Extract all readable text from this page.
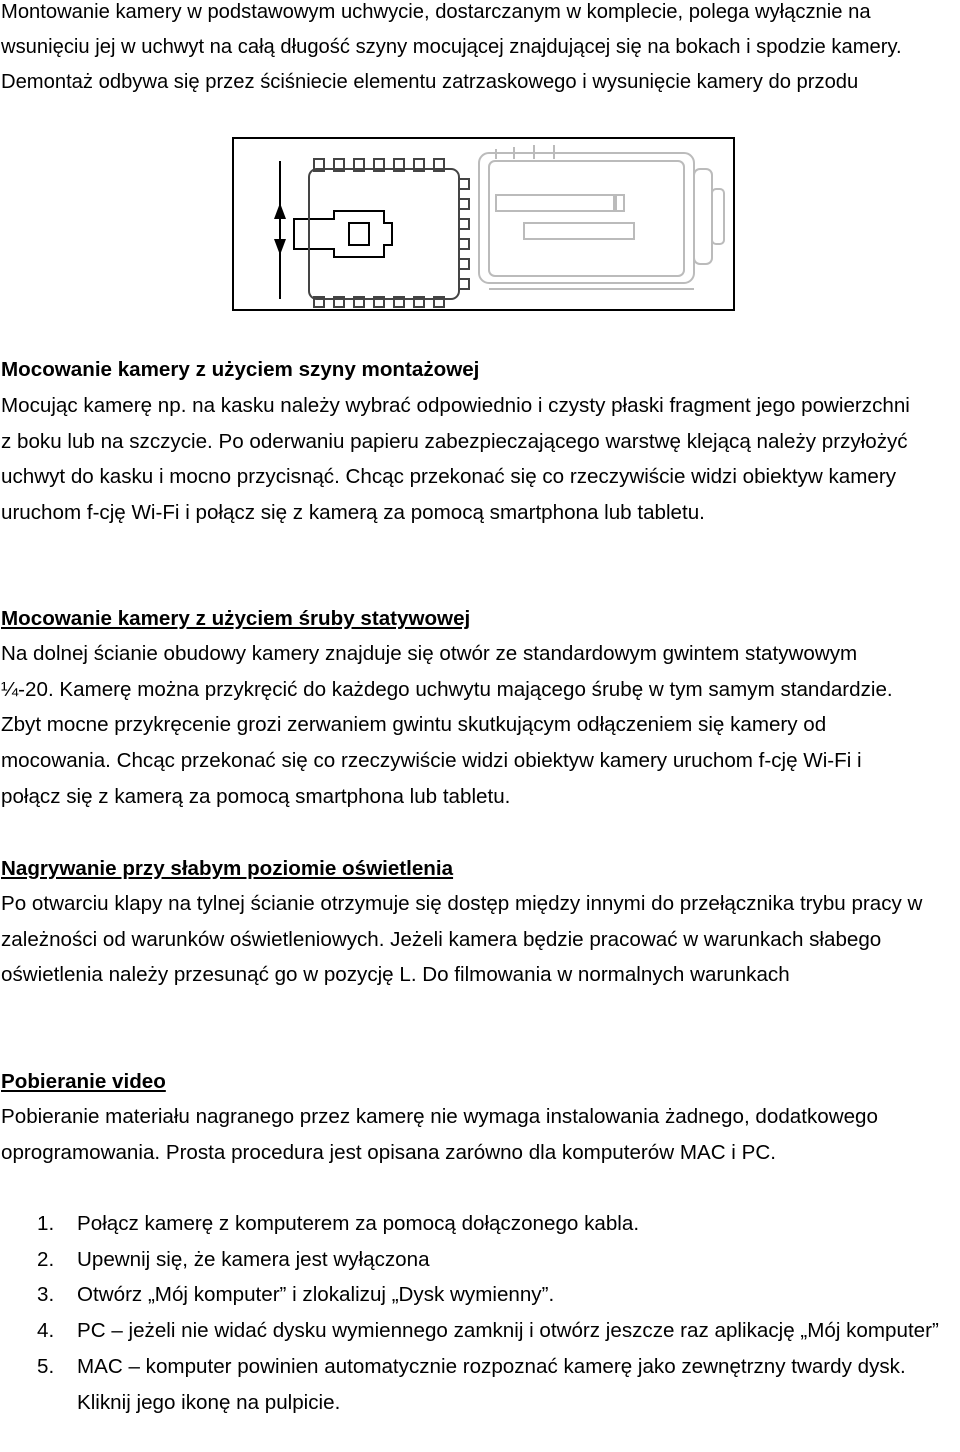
Montowanie kamery w podstawowym uchwycie, dostarczanym w komplecie, polega wyłącznie na wsunięciu jej w uchwyt na całą długość szyny mocującej znajdującej się na bokach i spodzie kamery. Demontaż odbywa się przez ściśniecie elementu zatrzaskowego i wysunięcie kamery do przodu

Mocowanie kamery z użyciem szyny montażowej

Mocując kamerę np. na kasku należy wybrać odpowiednio i czysty płaski fragment jego powierzchni z boku lub na szczycie. Po oderwaniu papieru zabezpieczającego warstwę klejącą należy przyłożyć uchwyt do kasku i mocno przycisnąć. Chcąc przekonać się co rzeczywiście widzi obiektyw kamery uruchom f-cję Wi-Fi i połącz się z kamerą za pomocą smartphona lub tabletu.

Mocowanie kamery z użyciem śruby statywowej

Na dolnej ścianie obudowy kamery znajduje się otwór ze standardowym gwintem statywowym ¼-20. Kamerę można przykręcić do każdego uchwytu mającego śrubę w tym samym standardzie. Zbyt mocne przykręcenie grozi zerwaniem gwintu skutkującym odłączeniem się kamery od mocowania. Chcąc przekonać się co rzeczywiście widzi obiektyw kamery uruchom f-cję Wi-Fi i połącz się z kamerą za pomocą smartphona lub tabletu.

Nagrywanie przy słabym poziomie oświetlenia

Po otwarciu klapy na tylnej ścianie otrzymuje się dostęp między innymi do przełącznika trybu pracy w zależności od warunków oświetleniowych. Jeżeli kamera będzie pracować w warunkach słabego oświetlenia należy przesunąć go w pozycję L. Do filmowania w normalnych warunkach

Pobieranie video

Pobieranie materiału nagranego przez kamerę nie wymaga instalowania żadnego, dodatkowego oprogramowania. Prosta procedura jest opisana zarówno dla komputerów MAC i PC.

1. Połącz kamerę z komputerem za pomocą dołączonego kabla.
2. Upewnij się, że kamera jest wyłączona
3. Otwórz „Mój komputer” i zlokalizuj „Dysk wymienny”.
4. PC – jeżeli nie widać dysku wymiennego zamknij i otwórz jeszcze raz aplikację „Mój komputer”
5. MAC – komputer powinien automatycznie rozpoznać kamerę jako zewnętrzny twardy dysk. Kliknij jego ikonę na pulpicie.
